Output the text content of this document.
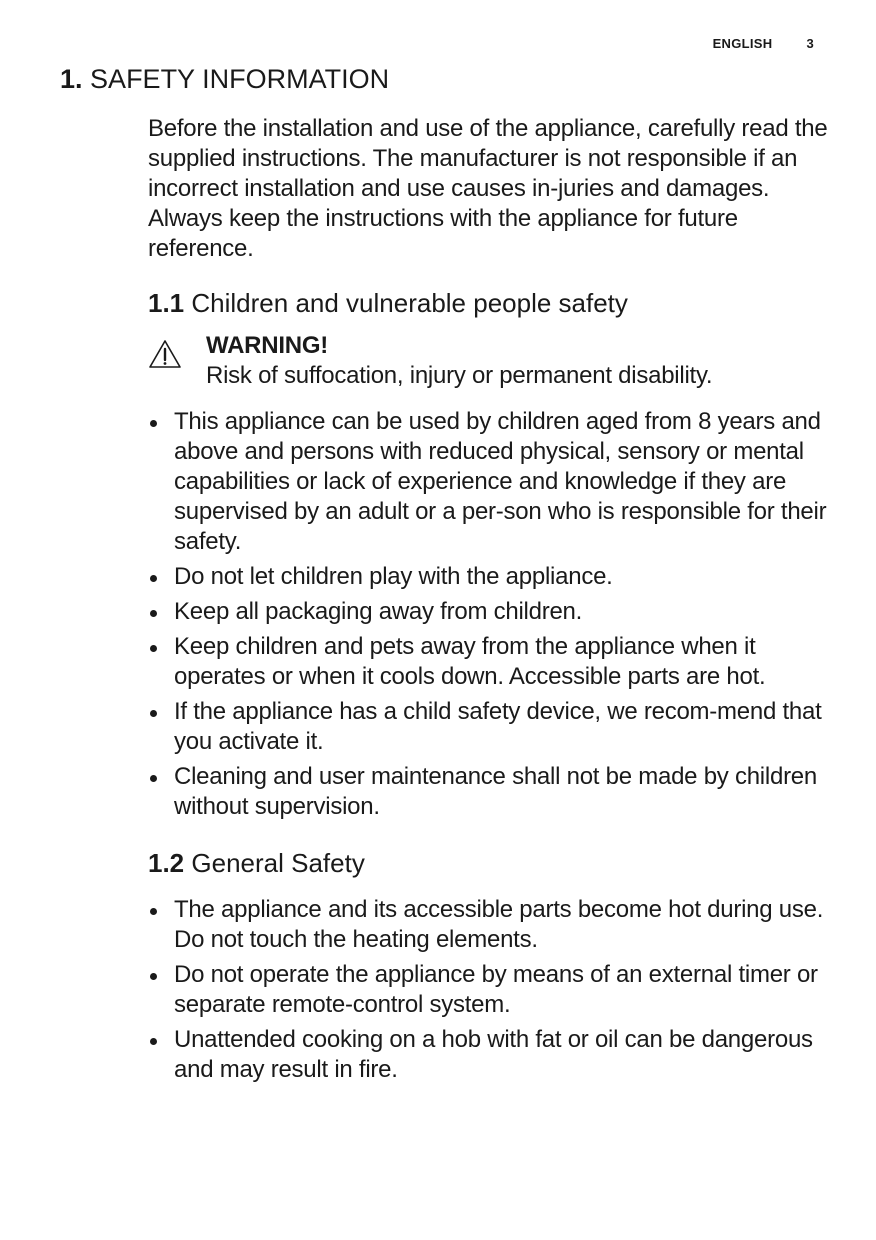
ENGLISH	3
1. SAFETY INFORMATION

Before the installation and use of the appliance, carefully read the supplied instructions. The manufacturer is not responsible if an incorrect installation and use causes in-juries and damages. Always keep the instructions with the appliance for future reference.

1.1 Children and vulnerable people safety
WARNING!
Risk of suffocation, injury or permanent disability.
This appliance can be used by children aged from 8 years and above and persons with reduced physical, sensory or mental capabilities or lack of experience and knowledge if they are supervised by an adult or a per-son who is responsible for their safety.
Do not let children play with the appliance.
Keep all packaging away from children.
Keep children and pets away from the appliance when it operates or when it cools down. Accessible parts are hot.
If the appliance has a child safety device, we recom-mend that you activate it.
Cleaning and user maintenance shall not be made by children without supervision.
1.2 General Safety
The appliance and its accessible parts become hot during use. Do not touch the heating elements.
Do not operate the appliance by means of an external timer or separate remote-control system.
Unattended cooking on a hob with fat or oil can be dangerous and may result in fire.
